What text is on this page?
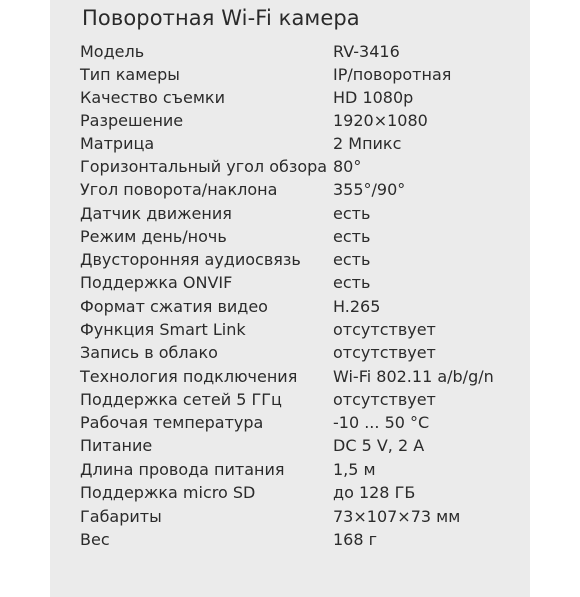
Поворотная Wi-Fi камера
Модель	RV-3416
Тип камеры	IP/поворотная
Качество съемки	HD 1080p
Разрешение	1920×1080
Матрица	2 Мпикс
Горизонтальный угол обзора 80°
Угол поворота/наклона	355°/90°
Датчик движения	есть
Режим день/ночь	есть
Двусторонняя аудиосвязь есть
Поддержка ONVIF	есть
Формат сжатия видео	H.265
Функция Smart Link	отсутствует
Запись в облако	отсутствует
Технология подключения Wi-Fi 802.11 a/b/g/n
Поддержка сетей 5 ГГц	отсутствует
Рабочая температура	-10 ... 50 °C
Питание	DC 5 V, 2 A
Длина провода питания	1,5 м
Поддержка micro SD	до 128 ГБ
Габариты	73×107×73 мм
Вес	168 г
